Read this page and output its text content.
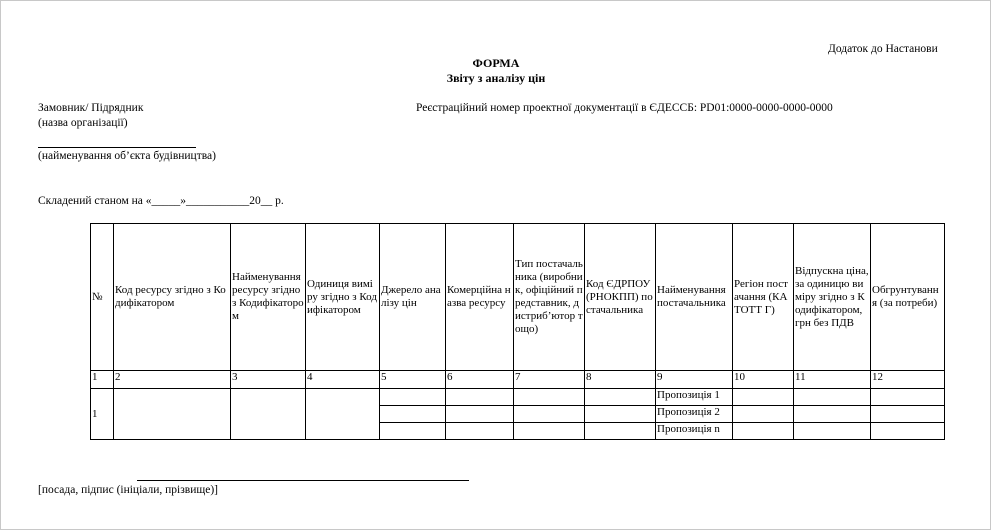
Додаток до Настанови
ФОРМА
Звіту з аналізу цін
Замовник/ Підрядник
(назва організації)
Реєстраційний номер проектної документації в ЄДЕССБ: PD01:0000-0000-0000-0000
(найменування об’єкта будівництва)
Складений станом на «_____»___________20__ р.
№	Код ресурсу згідно з Кодифікатором	Найменування ресурсу згідно з Кодифікатором	Одиниця виміру згідно з Кодифікатором	Джерело аналізу цін	Комерційна назва ресурсу	Тип постачальника (виробник, офіційний представник, дистриб’ютор тощо)	Код ЄДРПОУ (РНОКПП) постачальника	Найменування постачальника	Регіон постачання (КАТОТТ Г)	Відпускна ціна, за одиницю виміру згідно з Кодифікатором, грн без ПДВ	Обгрунтування (за потреби)
1	2	3	4	5	6	7	8	9	10	11	12
1								Пропозиція 1			
								Пропозиція 2			
								Пропозиція n			
[посада, підпис (ініціали, прізвище)]
